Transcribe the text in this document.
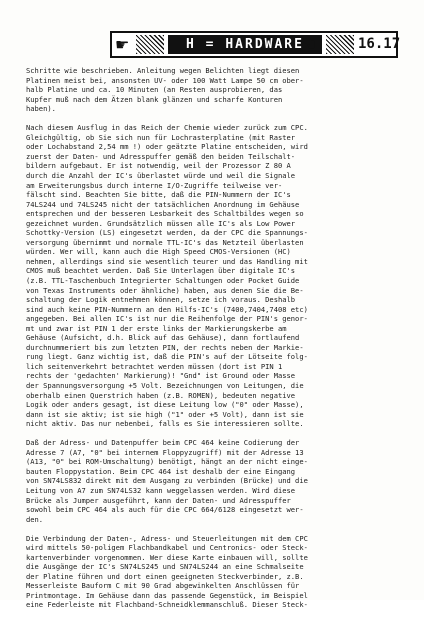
☛	H = HARDWARE
☚	16.17
Schritte wie beschrieben. Anleitung wegen Belichten liegt diesen
Platinen meist bei, ansonsten UV- oder 100 Watt Lampe 50 cm ober-
halb Platine und ca. 10 Minuten (an Resten ausprobieren, das
Kupfer muß nach dem Ätzen blank glänzen und scharfe Konturen
haben).
Nach diesem Ausflug in das Reich der Chemie wieder zurück zum CPC.
Gleichgültig, ob Sie sich nun für Lochrasterplatine (mit Raster
oder Lochabstand 2,54 mm !) oder geätzte Platine entscheiden, wird
zuerst der Daten- und Adresspuffer gemäß den beiden Teilschalt-
bildern aufgebaut. Er ist notwendig, weil der Prozessor Z 80 A
durch die Anzahl der IC's überlastet würde und weil die Signale
am Erweiterungsbus durch interne I/O-Zugriffe teilweise ver-
fälscht sind. Beachten Sie bitte, daß die PIN-Nummern der IC's
74LS244 und 74LS245 nicht der tatsächlichen Anordnung im Gehäuse
entsprechen und der besseren Lesbarkeit des Schaltbildes wegen so
gezeichnet wurden. Grundsätzlich müssen alle IC's als Low Power
Schottky-Version (LS) eingesetzt werden, da der CPC die Spannungs-
versorgung übernimmt und normale TTL-IC's das Netzteil überlasten
würden. Wer will, kann auch die High Speed CMOS-Versionen (HC)
nehmen, allerdings sind sie wesentlich teurer und das Handling mit
CMOS muß beachtet werden. Daß Sie Unterlagen über digitale IC's
(z.B. TTL-Taschenbuch Integrierter Schaltungen oder Pocket Guide
von Texas Instruments oder ähnliche) haben, aus denen Sie die Be-
schaltung der Logik entnehmen können, setze ich voraus. Deshalb
sind auch keine PIN-Nummern an den Hilfs-IC's (7400,7404,7408 etc)
angegeben. Bei allen IC's ist nur die Reihenfolge der PIN's genor-
mt und zwar ist PIN 1 der erste links der Markierungskerbe am
Gehäuse (Aufsicht, d.h. Blick auf das Gehäuse), dann fortlaufend
durchnummeriert bis zum letzten PIN, der rechts neben der Markie-
rung liegt. Ganz wichtig ist, daß die PIN's auf der Lötseite folg-
lich seitenverkehrt betrachtet werden müssen (dort ist PIN 1
rechts der 'gedachten' Markierung)! "Gnd" ist Ground oder Masse
der Spannungsversorgung +5 Volt. Bezeichnungen von Leitungen, die
oberhalb einen Querstrich haben (z.B. ROMEN), bedeuten negative
Logik oder anders gesagt, ist diese Leitung low ("0" oder Masse),
dann ist sie aktiv; ist sie high ("1" oder +5 Volt), dann ist sie
nicht aktiv. Das nur nebenbei, falls es Sie interessieren sollte.
Daß der Adress- und Datenpuffer beim CPC 464 keine Codierung der
Adresse 7 (A7, "0" bei internem Floppyzugriff) mit der Adresse 13
(A13, "0" bei ROM-Umschaltung) benötigt, hängt an der nicht einge-
bauten Floppystation. Beim CPC 464 ist deshalb der eine Eingang
von SN74LS832 direkt mit dem Ausgang zu verbinden (Brücke) und die
Leitung von A7 zum SN74LS32 kann weggelassen werden. Wird diese
Brücke als Jumper ausgeführt, kann der Daten- und Adresspuffer
sowohl beim CPC 464 als auch für die CPC 664/6128 eingesetzt wer-
den.
Die Verbindung der Daten-, Adress- und Steuerleitungen mit dem CPC
wird mittels 50-poligem Flachbandkabel und Centronics- oder Steck-
kartenverbinder vorgenommen. Wer diese Karte einbauen will, sollte
die Ausgänge der IC's SN74LS245 und SN74LS244 an eine Schmalseite
der Platine führen und dort einen geeigneten Steckverbinder, z.B.
Messerleiste Bauform C mit 90 Grad abgewinkelten Anschlüssen für
Printmontage. Im Gehäuse dann das passende Gegenstück, im Beispiel
eine Federleiste mit Flachband-Schneidklemmanschluß. Dieser Steck-
